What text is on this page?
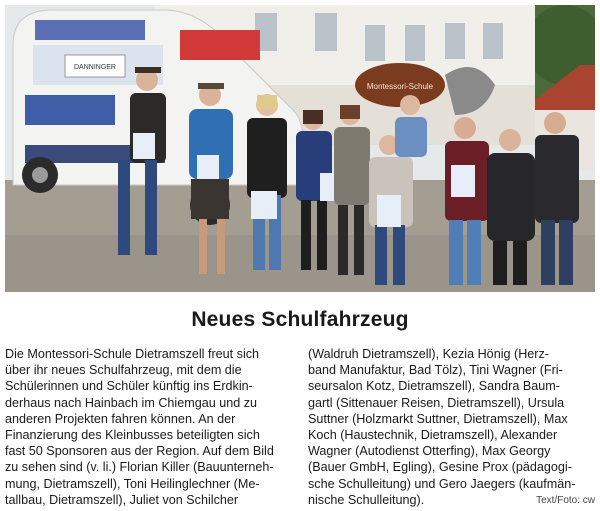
Montessori-Schule
DANNINGER
Neues Schulfahrzeug

Die Montessori-Schule Dietramszell freut sich
über ihr neues Schulfahrzeug, mit dem die
Schülerinnen und Schüler künftig ins Erdkin-
derhaus nach Hainbach im Chiemgau und zu
anderen Projekten fahren können. An der
Finanzierung des Kleinbusses beteiligten sich
fast 50 Sponsoren aus der Region. Auf dem Bild
zu sehen sind (v. li.) Florian Killer (Bauunterneh-
mung, Dietramszell), Toni Heilinglechner (Me-
tallbau, Dietramszell), Juliet von Schilcher

(Waldruh Dietramszell), Kezia Hönig (Herz-
band Manufaktur, Bad Tölz), Tini Wagner (Fri-
seursalon Kotz, Dietramszell), Sandra Baum-
gartl (Sittenauer Reisen, Dietramszell), Ursula
Suttner (Holzmarkt Suttner, Dietramszell), Max
Koch (Haustechnik, Dietramszell), Alexander
Wagner (Autodienst Otterfing), Max Georgy
(Bauer GmbH, Egling), Gesine Prox (pädagogi-
sche Schulleitung) und Gero Jaegers (kaufmän-
nische Schulleitung).	Text/Foto: cw
